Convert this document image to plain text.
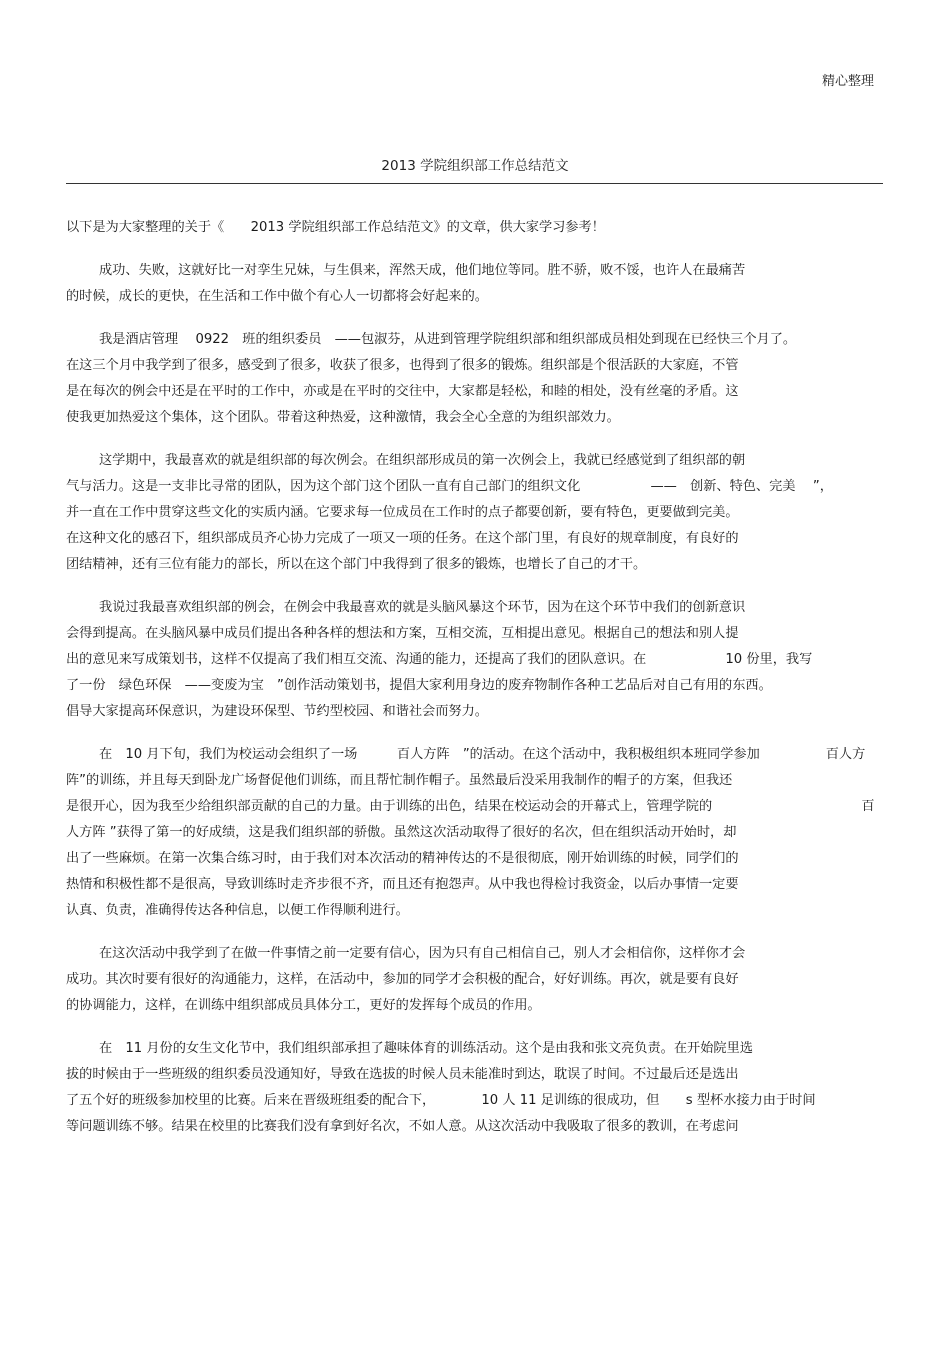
精心整理
2013 学院组织部工作总结范文
以下是为大家整理的关于《　　2013 学院组织部工作总结范文》的文章，供大家学习参考！
成功、失败，这就好比一对孪生兄妹，与生俱来，浑然天成，他们地位等同。胜不骄，败不馁，也许人在最痛苦
的时候，成长的更快，在生活和工作中做个有心人一切都将会好起来的。
我是酒店管理　 0922　班的组织委员　——包淑芬，从进到管理学院组织部和组织部成员相处到现在已经快三个月了。
在这三个月中我学到了很多，感受到了很多，收获了很多，也得到了很多的锻炼。组织部是个很活跃的大家庭，不管
是在每次的例会中还是在平时的工作中，亦或是在平时的交往中，大家都是轻松，和睦的相处，没有丝毫的矛盾。这
使我更加热爱这个集体，这个团队。带着这种热爱，这种激情，我会全心全意的为组织部效力。
这学期中，我最喜欢的就是组织部的每次例会。在组织部形成员的第一次例会上，我就已经感觉到了组织部的朝
气与活力。这是一支非比寻常的团队，因为这个部门这个团队一直有自己部门的组织文化　　　　　 ——　创新、特色、完美　 ”，
并一直在工作中贯穿这些文化的实质内涵。它要求每一位成员在工作时的点子都要创新，要有特色，更要做到完美。
在这种文化的感召下，组织部成员齐心协力完成了一项又一项的任务。在这个部门里，有良好的规章制度，有良好的
团结精神，还有三位有能力的部长，所以在这个部门中我得到了很多的锻炼，也增长了自己的才干。
我说过我最喜欢组织部的例会，在例会中我最喜欢的就是头脑风暴这个环节，因为在这个环节中我们的创新意识
会得到提高。在头脑风暴中成员们提出各种各样的想法和方案，互相交流，互相提出意见。根据自己的想法和别人提
出的意见来写成策划书，这样不仅提高了我们相互交流、沟通的能力，还提高了我们的团队意识。在　　　　　　10 份里，我写
了一份　绿色环保　——变废为宝　”创作活动策划书，提倡大家利用身边的废弃物制作各种工艺品后对自己有用的东西。
倡导大家提高环保意识，为建设环保型、节约型校园、和谐社会而努力。
在　10 月下旬，我们为校运动会组织了一场　　　百人方阵　”的活动。在这个活动中，我积极组织本班同学参加　　　　　百人方
阵”的训练，并且每天到卧龙广场督促他们训练，而且帮忙制作帽子。虽然最后没采用我制作的帽子的方案，但我还
是很开心，因为我至少给组织部贡献的自己的力量。由于训练的出色，结果在校运动会的开幕式上，管理学院的　　　　　　　　　　　 百
人方阵 ”获得了第一的好成绩，这是我们组织部的骄傲。虽然这次活动取得了很好的名次，但在组织活动开始时，却
出了一些麻烦。在第一次集合练习时，由于我们对本次活动的精神传达的不是很彻底，刚开始训练的时候，同学们的
热情和积极性都不是很高，导致训练时走齐步很不齐，而且还有抱怨声。从中我也得检讨我资金，以后办事情一定要
认真、负责，准确得传达各种信息，以便工作得顺利进行。
在这次活动中我学到了在做一件事情之前一定要有信心，因为只有自己相信自己，别人才会相信你，这样你才会
成功。其次时要有很好的沟通能力，这样，在活动中，参加的同学才会积极的配合，好好训练。再次，就是要有良好
的协调能力，这样，在训练中组织部成员具体分工，更好的发挥每个成员的作用。
在　11 月份的女生文化节中，我们组织部承担了趣味体育的训练活动。这个是由我和张文亮负责。在开始院里选
拔的时候由于一些班级的组织委员没通知好，导致在选拔的时候人员未能准时到达，耽误了时间。不过最后还是选出
了五个好的班级参加校里的比赛。后来在晋级班组委的配合下，　　　　10 人 11 足训练的很成功，但　　s 型杯水接力由于时间
等问题训练不够。结果在校里的比赛我们没有拿到好名次，不如人意。从这次活动中我吸取了很多的教训，在考虑问
